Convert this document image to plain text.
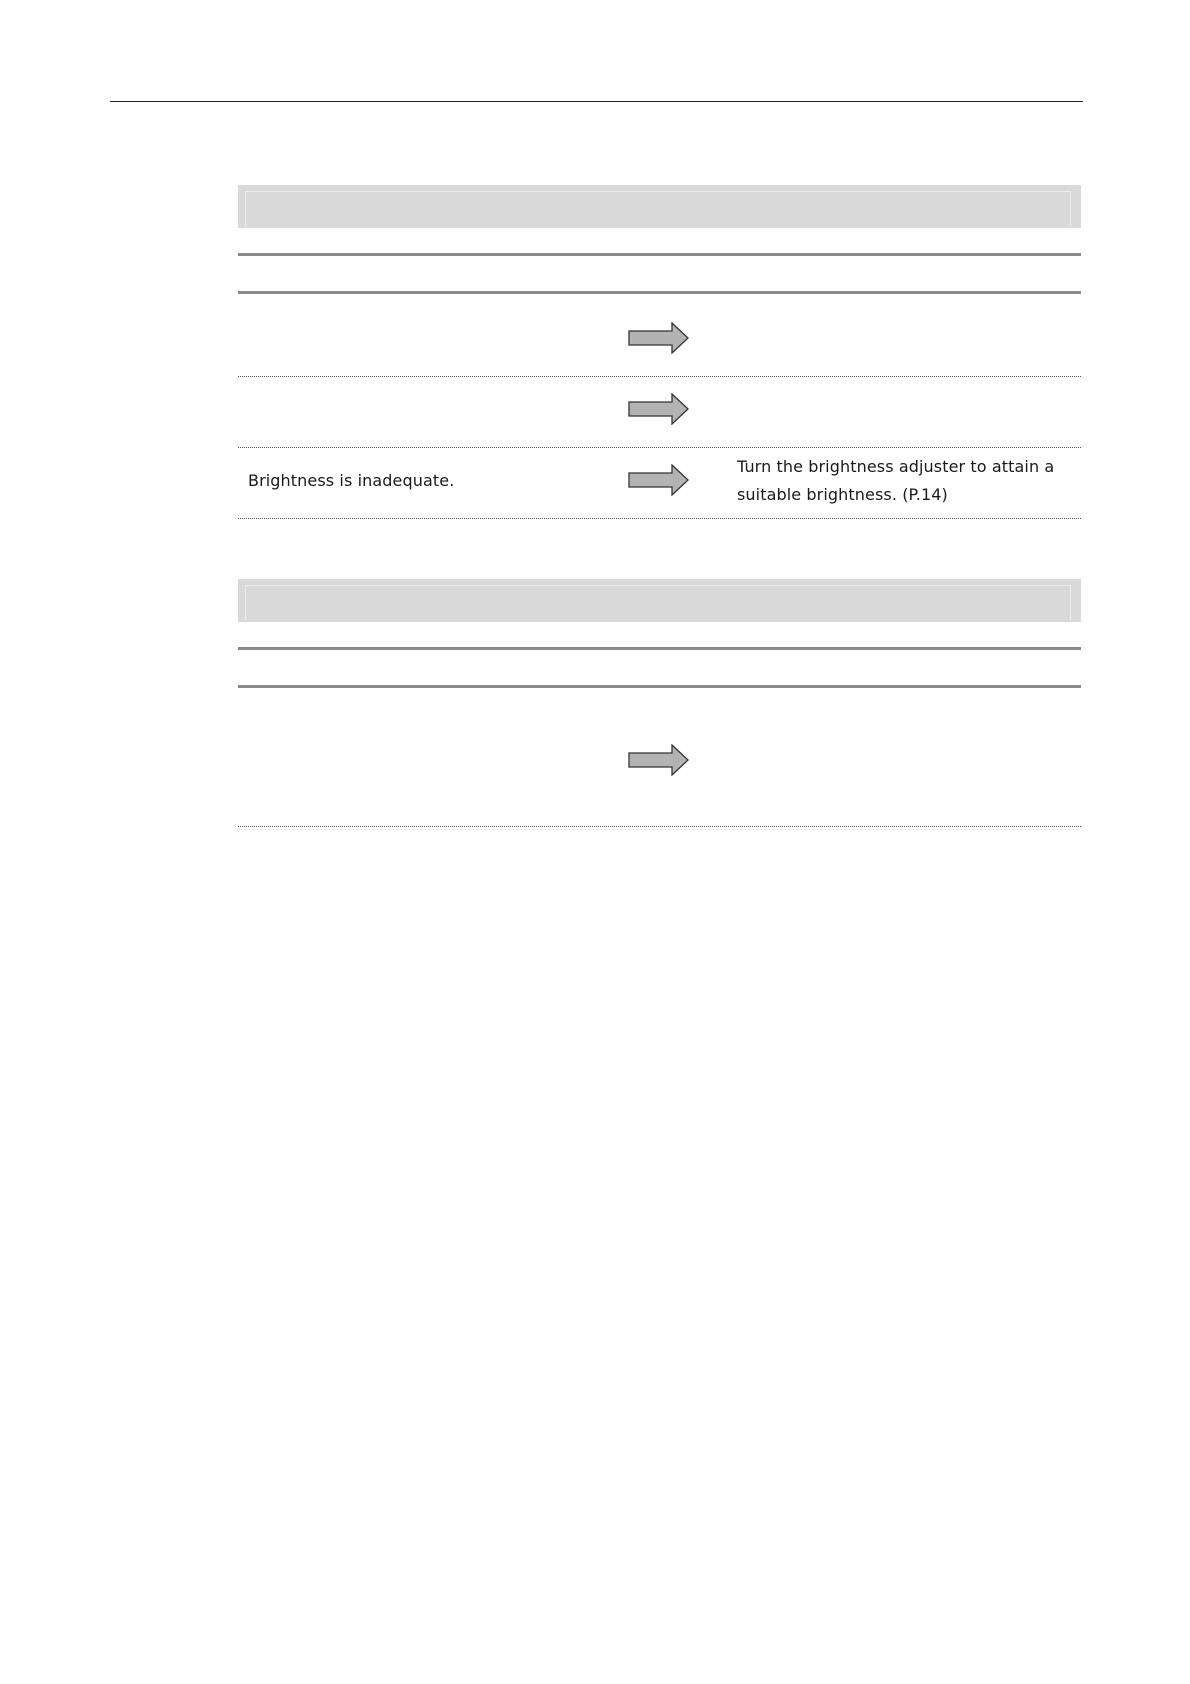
Brightness is inadequate.
Turn the brightness adjuster to attain a
suitable brightness. (P.14)
